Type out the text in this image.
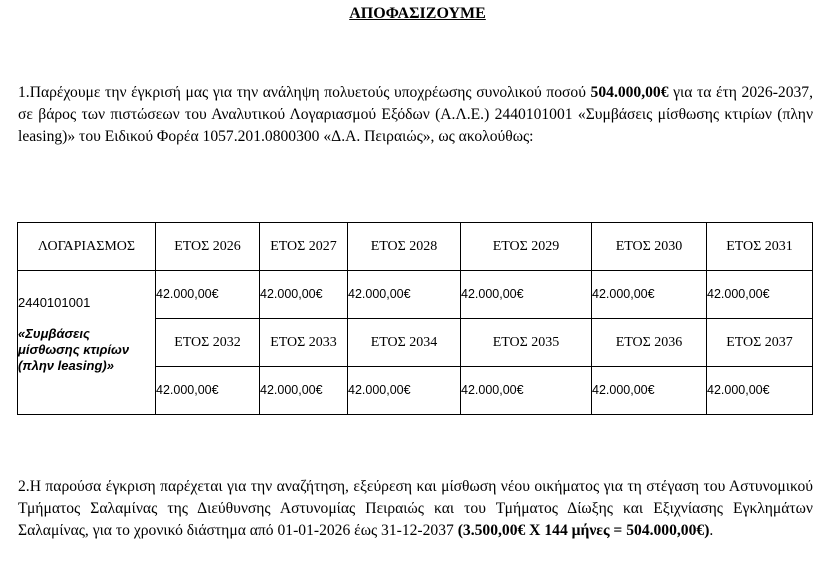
ΑΠΟΦΑΣΙΖΟΥΜΕ
1.Παρέχουμε την έγκρισή μας για την ανάληψη πολυετούς υποχρέωσης συνολικού ποσού 504.000,00€ για τα έτη 2026-2037, σε βάρος των πιστώσεων του Αναλυτικού Λογαριασμού Εξόδων (Α.Λ.Ε.) 2440101001 «Συμβάσεις μίσθωσης κτιρίων (πλην leasing)» του Ειδικού Φορέα 1057.201.0800300 «Δ.Α. Πειραιώς», ως ακολούθως:
ΛΟΓΑΡΙΑΣΜΟΣ	ΕΤΟΣ 2026	ΕΤΟΣ 2027	ΕΤΟΣ 2028	ΕΤΟΣ 2029	ΕΤΟΣ 2030	ΕΤΟΣ 2031

2440101001
«Συμβάσεις μίσθωσης κτιρίων (πλην leasing)»	42.000,00€	42.000,00€	42.000,00€	42.000,00€	42.000,00€	42.000,00€

	ΕΤΟΣ 2032	ΕΤΟΣ 2033	ΕΤΟΣ 2034	ΕΤΟΣ 2035	ΕΤΟΣ 2036	ΕΤΟΣ 2037

	42.000,00€	42.000,00€	42.000,00€	42.000,00€	42.000,00€	42.000,00€
2.Η παρούσα έγκριση παρέχεται για την αναζήτηση, εξεύρεση και μίσθωση νέου οικήματος για τη στέγαση του Αστυνομικού Τμήματος Σαλαμίνας της Διεύθυνσης Αστυνομίας Πειραιώς και του Τμήματος Δίωξης και Εξιχνίασης Εγκλημάτων Σαλαμίνας, για το χρονικό διάστημα από 01-01-2026 έως 31-12-2037 (3.500,00€ Χ 144 μήνες = 504.000,00€).
